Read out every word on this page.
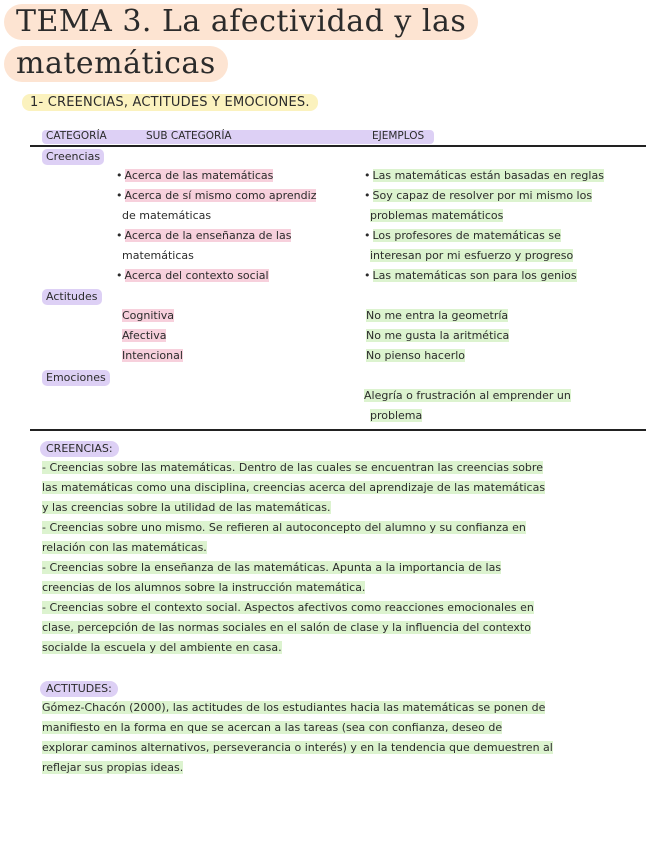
TEMA 3. La afectividad y las
matemáticas
1- CREENCIAS, ACTITUDES Y EMOCIONES.
CATEGORÍA	SUB CATEGORÍA	EJEMPLOS
Creencias
• Acerca de las matemáticas
• Acerca de sí mismo como aprendiz
de matemáticas
• Acerca de la enseñanza de las
matemáticas
• Acerca del contexto social
• Las matemáticas están basadas en reglas
• Soy capaz de resolver por mi mismo los
problemas matemáticos
• Los profesores de matemáticas se
interesan por mi esfuerzo y progreso
• Las matemáticas son para los genios
Actitudes
Cognitiva
Afectiva
Intencional
No me entra la geometría
No me gusta la aritmética
No pienso hacerlo
Emociones
Alegría o frustración al emprender un
problema
CREENCIAS:
- Creencias sobre las matemáticas. Dentro de las cuales se encuentran las creencias sobre
las matemáticas como una disciplina, creencias acerca del aprendizaje de las matemáticas
y las creencias sobre la utilidad de las matemáticas.
- Creencias sobre uno mismo. Se refieren al autoconcepto del alumno y su confianza en
relación con las matemáticas.
- Creencias sobre la enseñanza de las matemáticas. Apunta a la importancia de las
creencias de los alumnos sobre la instrucción matemática.
- Creencias sobre el contexto social. Aspectos afectivos como reacciones emocionales en
clase, percepción de las normas sociales en el salón de clase y la influencia del contexto
socialde la escuela y del ambiente en casa.
ACTITUDES:
Gómez-Chacón (2000), las actitudes de los estudiantes hacia las matemáticas se ponen de
manifiesto en la forma en que se acercan a las tareas (sea con confianza, deseo de
explorar caminos alternativos, perseverancia o interés) y en la tendencia que demuestren al
reflejar sus propias ideas.
